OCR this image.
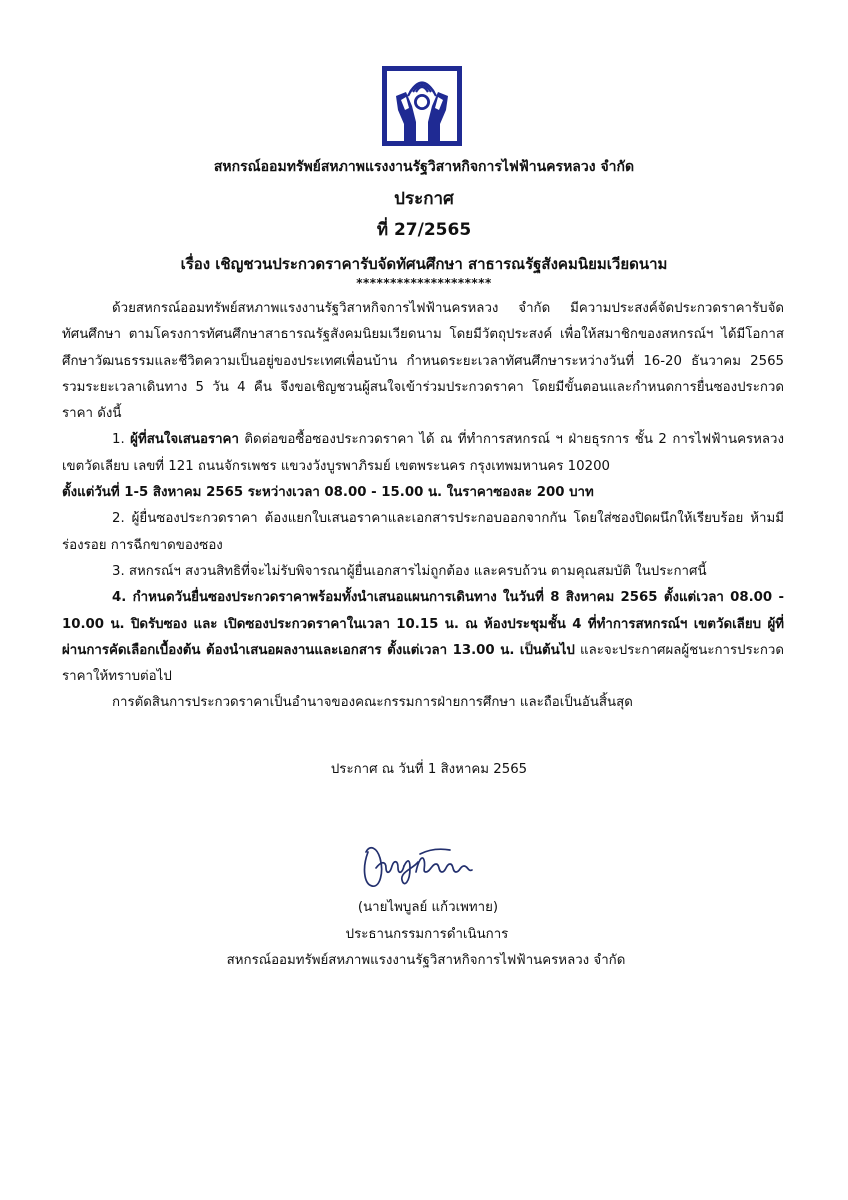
สหกรณ์ออมทรัพย์สหภาพแรงงานรัฐวิสาหกิจการไฟฟ้านครหลวง จำกัด
ประกาศ
ที่ 27/2565
เรื่อง เชิญชวนประกวดราคารับจัดทัศนศึกษา สาธารณรัฐสังคมนิยมเวียดนาม
********************

ด้วยสหกรณ์ออมทรัพย์สหภาพแรงงานรัฐวิสาหกิจการไฟฟ้านครหลวง จำกัด มีความประสงค์จัดประกวดราคารับจัดทัศนศึกษา ตามโครงการทัศนศึกษาสาธารณรัฐสังคมนิยมเวียดนาม โดยมีวัตถุประสงค์ เพื่อให้สมาชิกของสหกรณ์ฯ ได้มีโอกาสศึกษาวัฒนธรรมและชีวิตความเป็นอยู่ของประเทศเพื่อนบ้าน กำหนดระยะเวลาทัศนศึกษาระหว่างวันที่ 16-20 ธันวาคม 2565 รวมระยะเวลาเดินทาง 5 วัน 4 คืน จึงขอเชิญชวนผู้สนใจเข้าร่วมประกวดราคา โดยมีขั้นตอนและกำหนดการยื่นซองประกวดราคา ดังนี้

1. ผู้ที่สนใจเสนอราคา ติดต่อขอซื้อซองประกวดราคา ได้ ณ ที่ทำการสหกรณ์ ฯ ฝ่ายธุรการ ชั้น 2 การไฟฟ้านครหลวง เขตวัดเลียบ เลขที่ 121 ถนนจักรเพชร แขวงวังบูรพาภิรมย์ เขตพระนคร กรุงเทพมหานคร 10200

ตั้งแต่วันที่ 1-5 สิงหาคม 2565 ระหว่างเวลา 08.00 - 15.00 น. ในราคาซองละ 200 บาท

2. ผู้ยื่นซองประกวดราคา ต้องแยกใบเสนอราคาและเอกสารประกอบออกจากกัน โดยใส่ซองปิดผนึกให้เรียบร้อย ห้ามมีร่องรอย การฉีกขาดของซอง

3. สหกรณ์ฯ สงวนสิทธิที่จะไม่รับพิจารณาผู้ยื่นเอกสารไม่ถูกต้อง และครบถ้วน ตามคุณสมบัติ ในประกาศนี้

4. กำหนดวันยื่นซองประกวดราคาพร้อมทั้งนำเสนอแผนการเดินทาง ในวันที่ 8 สิงหาคม 2565 ตั้งแต่เวลา 08.00 - 10.00 น. ปิดรับซอง และ เปิดซองประกวดราคาในเวลา 10.15 น. ณ ห้องประชุมชั้น 4 ที่ทำการสหกรณ์ฯ เขตวัดเลียบ ผู้ที่ผ่านการคัดเลือกเบื้องต้น ต้องนำเสนอผลงานและเอกสาร ตั้งแต่เวลา 13.00 น. เป็นต้นไป และจะประกาศผลผู้ชนะการประกวดราคาให้ทราบต่อไป

การตัดสินการประกวดราคาเป็นอำนาจของคณะกรรมการฝ่ายการศึกษา และถือเป็นอันสิ้นสุด

ประกาศ ณ วันที่ 1 สิงหาคม 2565
(นายไพบูลย์ แก้วเพทาย)
ประธานกรรมการดำเนินการ
สหกรณ์ออมทรัพย์สหภาพแรงงานรัฐวิสาหกิจการไฟฟ้านครหลวง จำกัด
